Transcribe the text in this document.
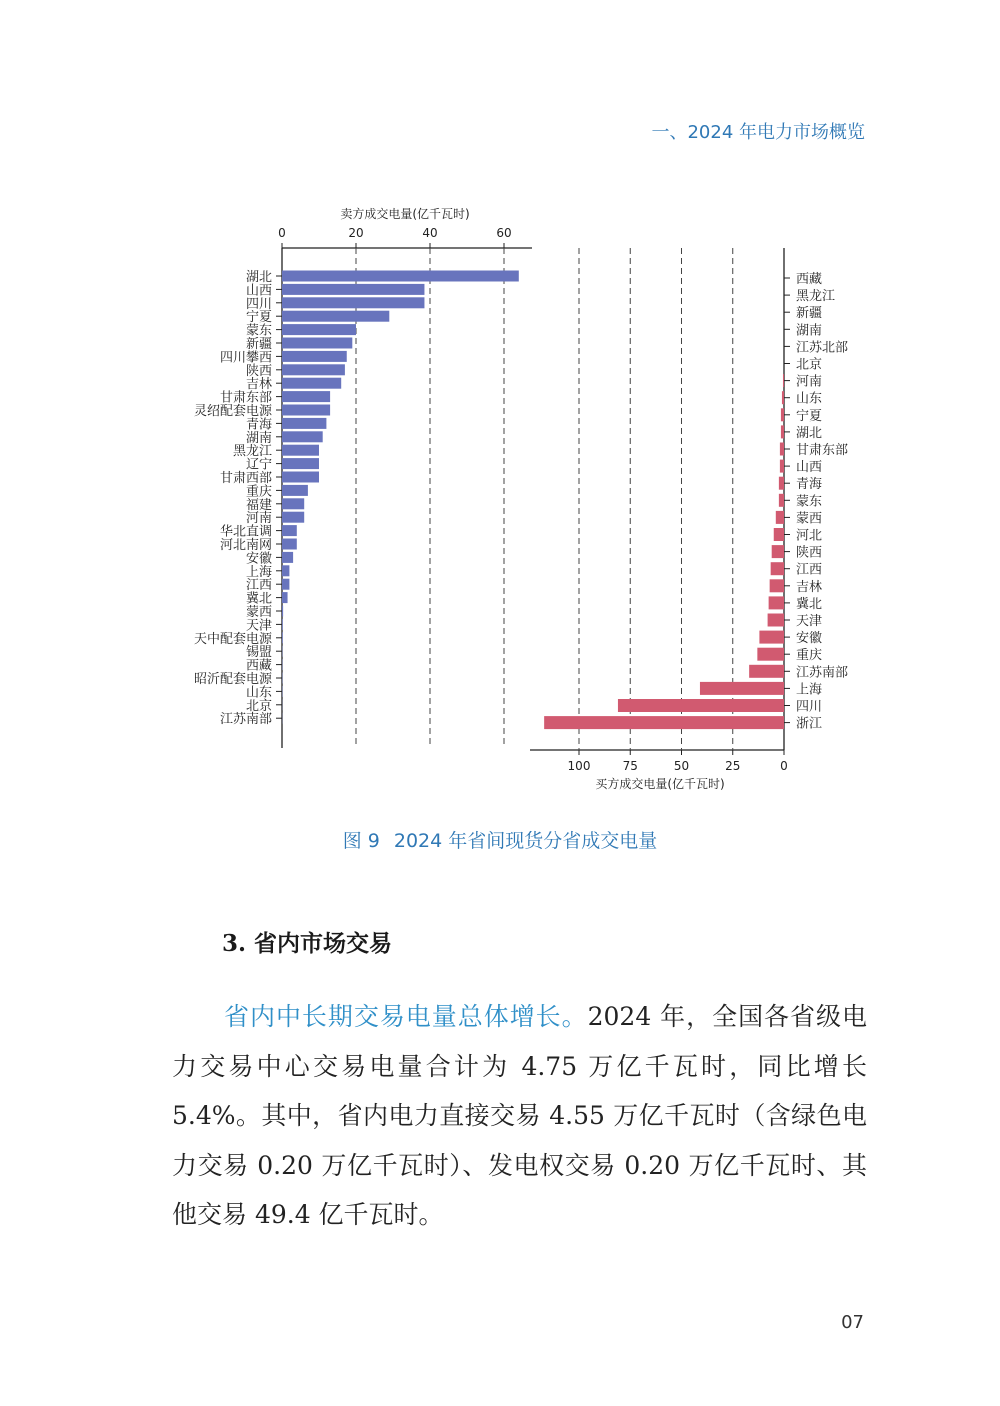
一、2024 年电力市场概览
卖方成交电量(亿千瓦时)
0	20	40	60
湖北
山西
四川
宁夏
蒙东
新疆
四川攀西
陕西
吉林
甘肃东部
灵绍配套电源
青海
湖南
黑龙江
辽宁
甘肃西部
重庆
福建
河南
华北直调
河北南网
安徽
上海
江西
冀北
蒙西
天津
天中配套电源
锡盟
西藏
昭沂配套电源
山东
北京
江苏南部
100	75	50	25	0
买方成交电量(亿千瓦时)
西藏
黑龙江
新疆
湖南
江苏北部
北京
河南
山东
宁夏
湖北
甘肃东部
山西
青海
蒙东
蒙西
河北
陕西
江西
吉林
冀北
天津
安徽
重庆
江苏南部
上海
四川
浙江
图 9 2024 年省间现货分省成交电量
3. 省内市场交易
省内中长期交易电量总体增长。2024 年，全国各省级电力交易中心交易电量合计为 4.75 万亿千瓦时，同比增长 5.4%。其中，省内电力直接交易 4.55 万亿千瓦时（含绿色电力交易 0.20 万亿千瓦时）、发电权交易 0.20 万亿千瓦时、其他交易 49.4 亿千瓦时。
07
